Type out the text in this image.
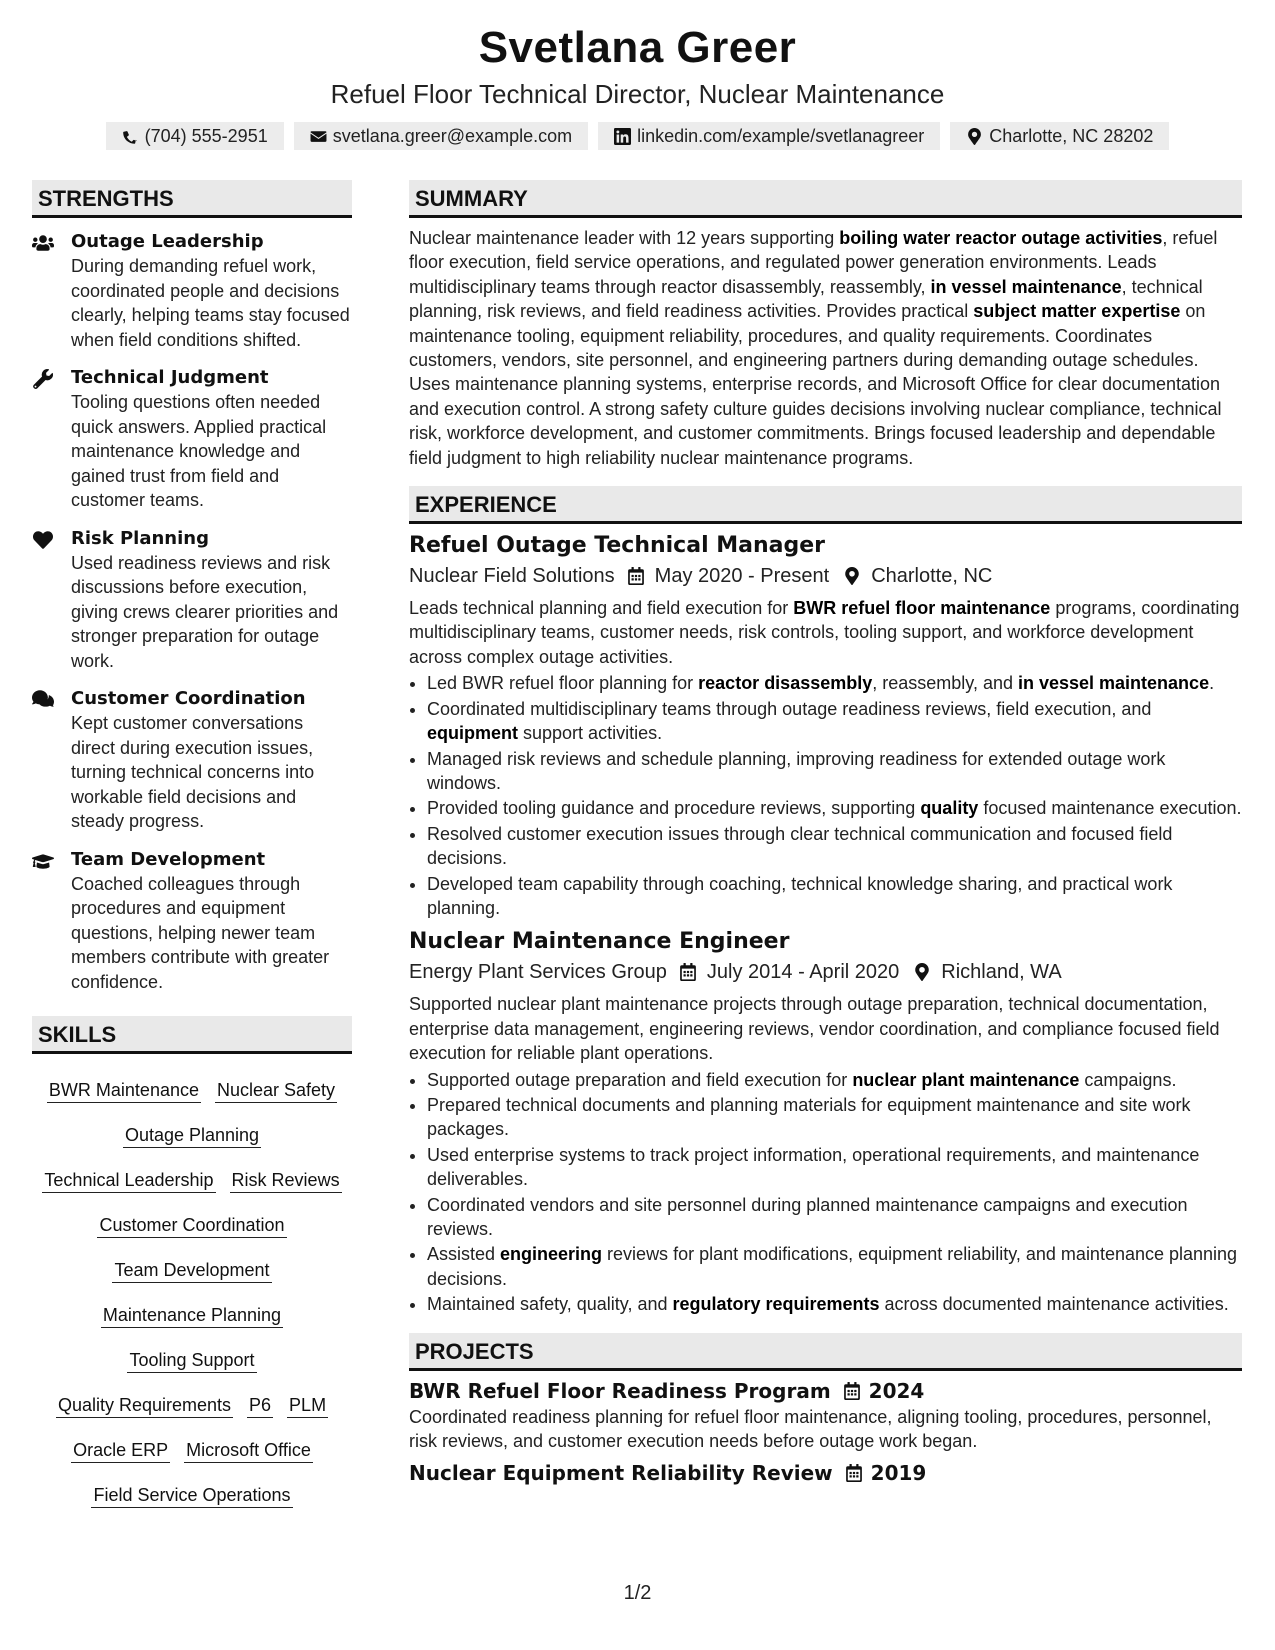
Svetlana Greer
Refuel Floor Technical Director, Nuclear Maintenance
(704) 555-2951	svetlana.greer@example.com	linkedin.com/example/svetlanagreer	Charlotte, NC 28202
STRENGTHS
Outage Leadership
During demanding refuel work, coordinated people and decisions clearly, helping teams stay focused when field conditions shifted.
Technical Judgment
Tooling questions often needed quick answers. Applied practical maintenance knowledge and gained trust from field and customer teams.
Risk Planning
Used readiness reviews and risk discussions before execution, giving crews clearer priorities and stronger preparation for outage work.
Customer Coordination
Kept customer conversations direct during execution issues, turning technical concerns into workable field decisions and steady progress.
Team Development
Coached colleagues through procedures and equipment questions, helping newer team members contribute with greater confidence.
SKILLS
BWR Maintenance Nuclear Safety
Outage Planning
Technical Leadership Risk Reviews
Customer Coordination
Team Development
Maintenance Planning
Tooling Support
Quality Requirements P6 PLM
Oracle ERP Microsoft Office
Field Service Operations
SUMMARY
Nuclear maintenance leader with 12 years supporting boiling water reactor outage activities, refuel floor execution, field service operations, and regulated power generation environments. Leads multidisciplinary teams through reactor disassembly, reassembly, in vessel maintenance, technical planning, risk reviews, and field readiness activities. Provides practical subject matter expertise on maintenance tooling, equipment reliability, procedures, and quality requirements. Coordinates customers, vendors, site personnel, and engineering partners during demanding outage schedules. Uses maintenance planning systems, enterprise records, and Microsoft Office for clear documentation and execution control. A strong safety culture guides decisions involving nuclear compliance, technical risk, workforce development, and customer commitments. Brings focused leadership and dependable field judgment to high reliability nuclear maintenance programs.
EXPERIENCE
Refuel Outage Technical Manager
Nuclear Field Solutions May 2020 - Present Charlotte, NC
Leads technical planning and field execution for BWR refuel floor maintenance programs, coordinating multidisciplinary teams, customer needs, risk controls, tooling support, and workforce development across complex outage activities.
• Led BWR refuel floor planning for reactor disassembly, reassembly, and in vessel maintenance.
• Coordinated multidisciplinary teams through outage readiness reviews, field execution, and equipment support activities.
• Managed risk reviews and schedule planning, improving readiness for extended outage work windows.
• Provided tooling guidance and procedure reviews, supporting quality focused maintenance execution.
• Resolved customer execution issues through clear technical communication and focused field decisions.
• Developed team capability through coaching, technical knowledge sharing, and practical work planning.
Nuclear Maintenance Engineer
Energy Plant Services Group July 2014 - April 2020 Richland, WA
Supported nuclear plant maintenance projects through outage preparation, technical documentation, enterprise data management, engineering reviews, vendor coordination, and compliance focused field execution for reliable plant operations.
• Supported outage preparation and field execution for nuclear plant maintenance campaigns.
• Prepared technical documents and planning materials for equipment maintenance and site work packages.
• Used enterprise systems to track project information, operational requirements, and maintenance deliverables.
• Coordinated vendors and site personnel during planned maintenance campaigns and execution reviews.
• Assisted engineering reviews for plant modifications, equipment reliability, and maintenance planning decisions.
• Maintained safety, quality, and regulatory requirements across documented maintenance activities.
PROJECTS
BWR Refuel Floor Readiness Program 2024
Coordinated readiness planning for refuel floor maintenance, aligning tooling, procedures, personnel, risk reviews, and customer execution needs before outage work began.
Nuclear Equipment Reliability Review 2019
1/2
